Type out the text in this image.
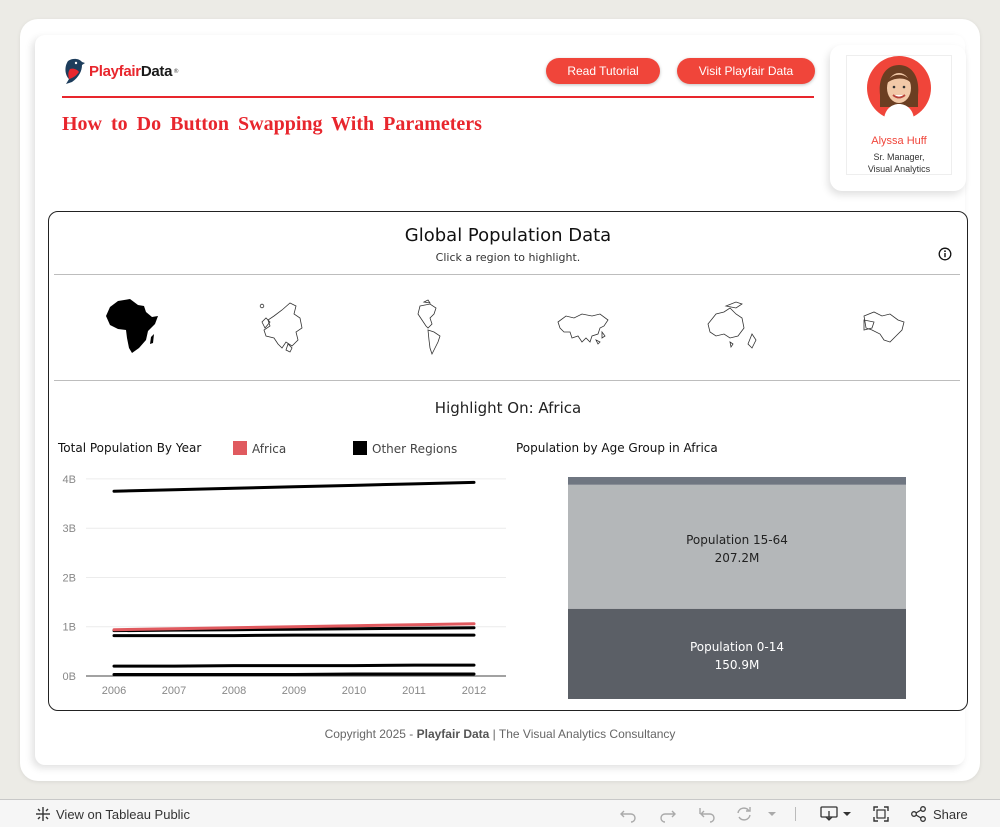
PlayfairData ®	Read Tutorial	Visit Playfair Data
How to Do Button Swapping With Parameters
Alyssa Huff
Sr. Manager,
Visual Analytics
Global Population Data
Click a region to highlight.
Highlight On: Africa
Total Population By Year	Africa	Other Regions
0B
1B
2B
3B
4B
2006	2007	2008	2009	2010	2011	2012
Population by Age Group in Africa
Population 0-14
150.9M
Population 15-64
207.2M
Copyright 2025 - Playfair Data | The Visual Analytics Consultancy
View on Tableau Public	Share
